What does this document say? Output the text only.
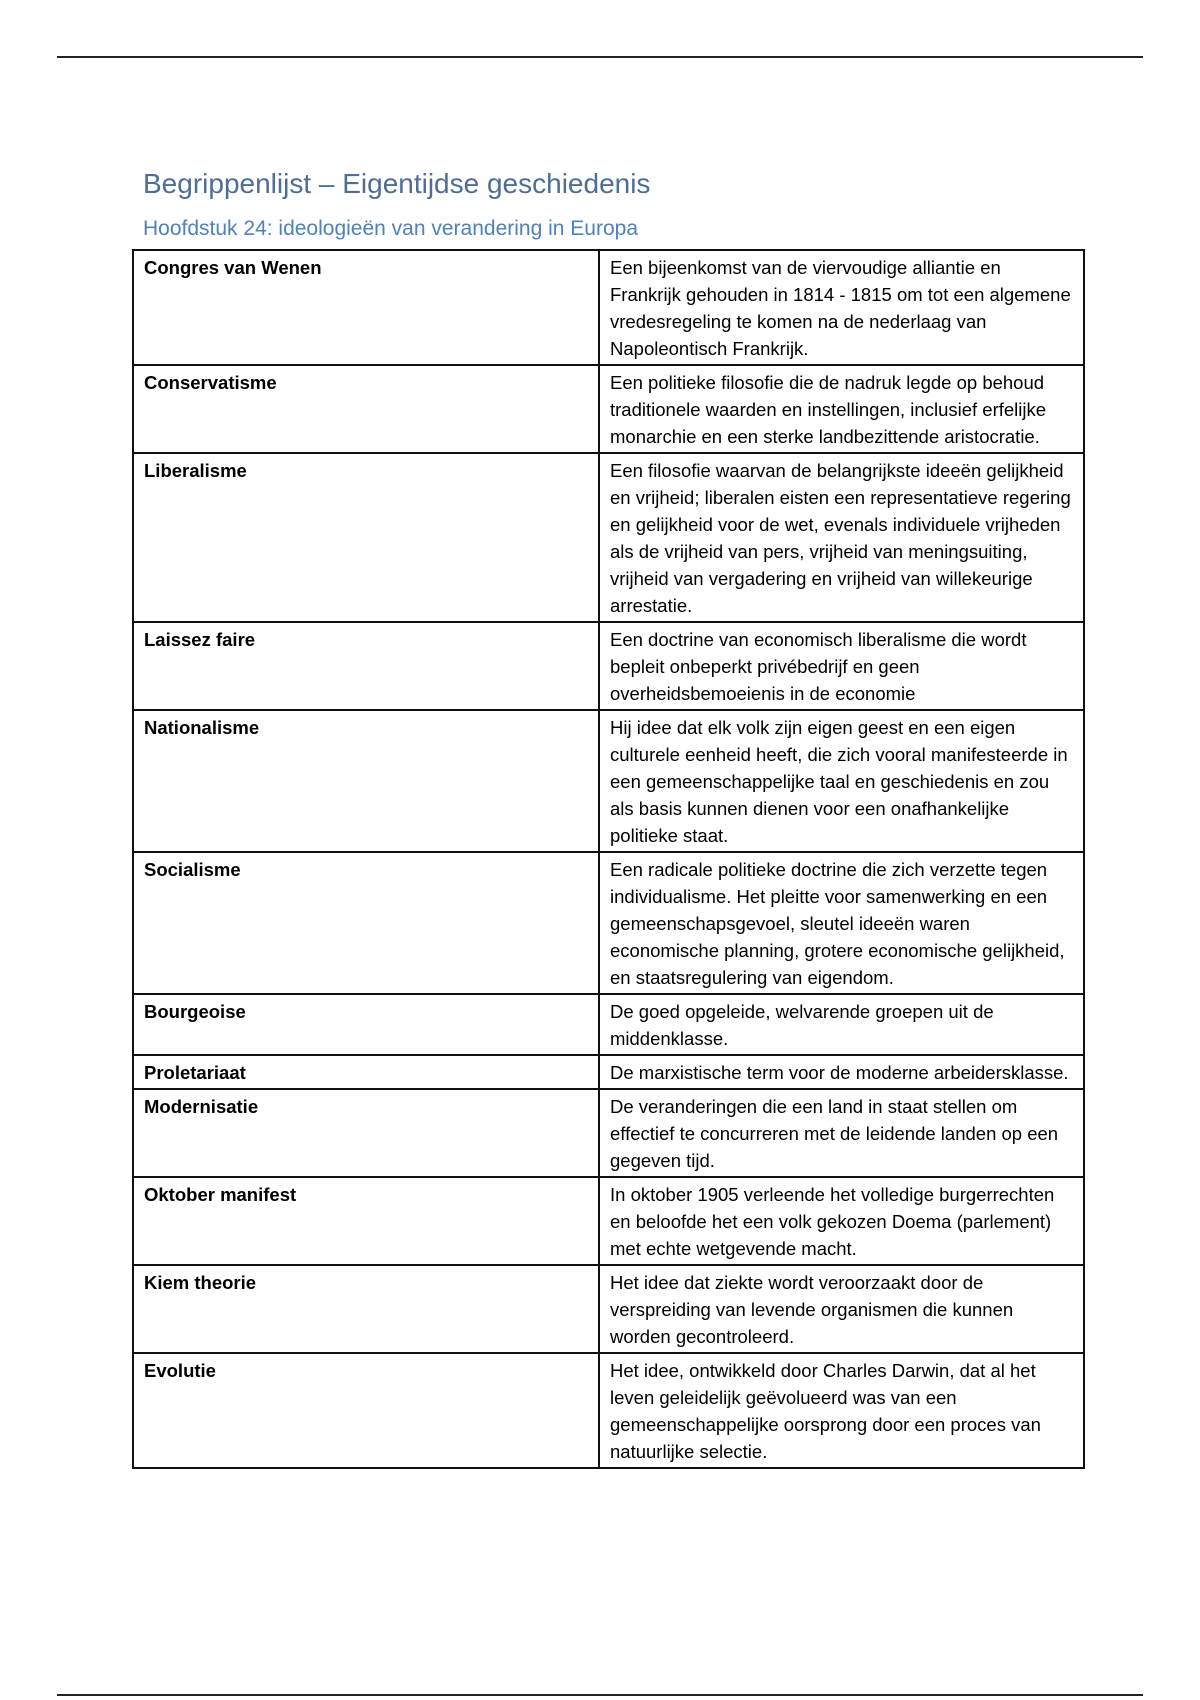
Begrippenlijst – Eigentijdse geschiedenis
Hoofdstuk 24: ideologieën van verandering in Europa
Congres van Wenen	Een bijeenkomst van de viervoudige alliantie en Frankrijk gehouden in 1814 - 1815 om tot een algemene vredesregeling te komen na de nederlaag van Napoleontisch Frankrijk.
Conservatisme	Een politieke filosofie die de nadruk legde op behoud traditionele waarden en instellingen, inclusief erfelijke monarchie en een sterke landbezittende aristocratie.
Liberalisme	Een filosofie waarvan de belangrijkste ideeën gelijkheid en vrijheid; liberalen eisten een representatieve regering en gelijkheid voor de wet, evenals individuele vrijheden als de vrijheid van pers, vrijheid van meningsuiting, vrijheid van vergadering en vrijheid van willekeurige arrestatie.
Laissez faire	Een doctrine van economisch liberalisme die wordt bepleit onbeperkt privébedrijf en geen overheidsbemoeienis in de economie
Nationalisme	Hij idee dat elk volk zijn eigen geest en een eigen culturele eenheid heeft, die zich vooral manifesteerde in een gemeenschappelijke taal en geschiedenis en zou als basis kunnen dienen voor een onafhankelijke politieke staat.
Socialisme	Een radicale politieke doctrine die zich verzette tegen individualisme. Het pleitte voor samenwerking en een gemeenschapsgevoel, sleutel ideeën waren economische planning, grotere economische gelijkheid, en staatsregulering van eigendom.
Bourgeoise	De goed opgeleide, welvarende groepen uit de middenklasse.
Proletariaat	De marxistische term voor de moderne arbeidersklasse.
Modernisatie	De veranderingen die een land in staat stellen om effectief te concurreren met de leidende landen op een gegeven tijd.
Oktober manifest	In oktober 1905 verleende het volledige burgerrechten en beloofde het een volk gekozen Doema (parlement) met echte wetgevende macht.
Kiem theorie	Het idee dat ziekte wordt veroorzaakt door de verspreiding van levende organismen die kunnen worden gecontroleerd.
Evolutie	Het idee, ontwikkeld door Charles Darwin, dat al het leven geleidelijk geëvolueerd was van een gemeenschappelijke oorsprong door een proces van natuurlijke selectie.
